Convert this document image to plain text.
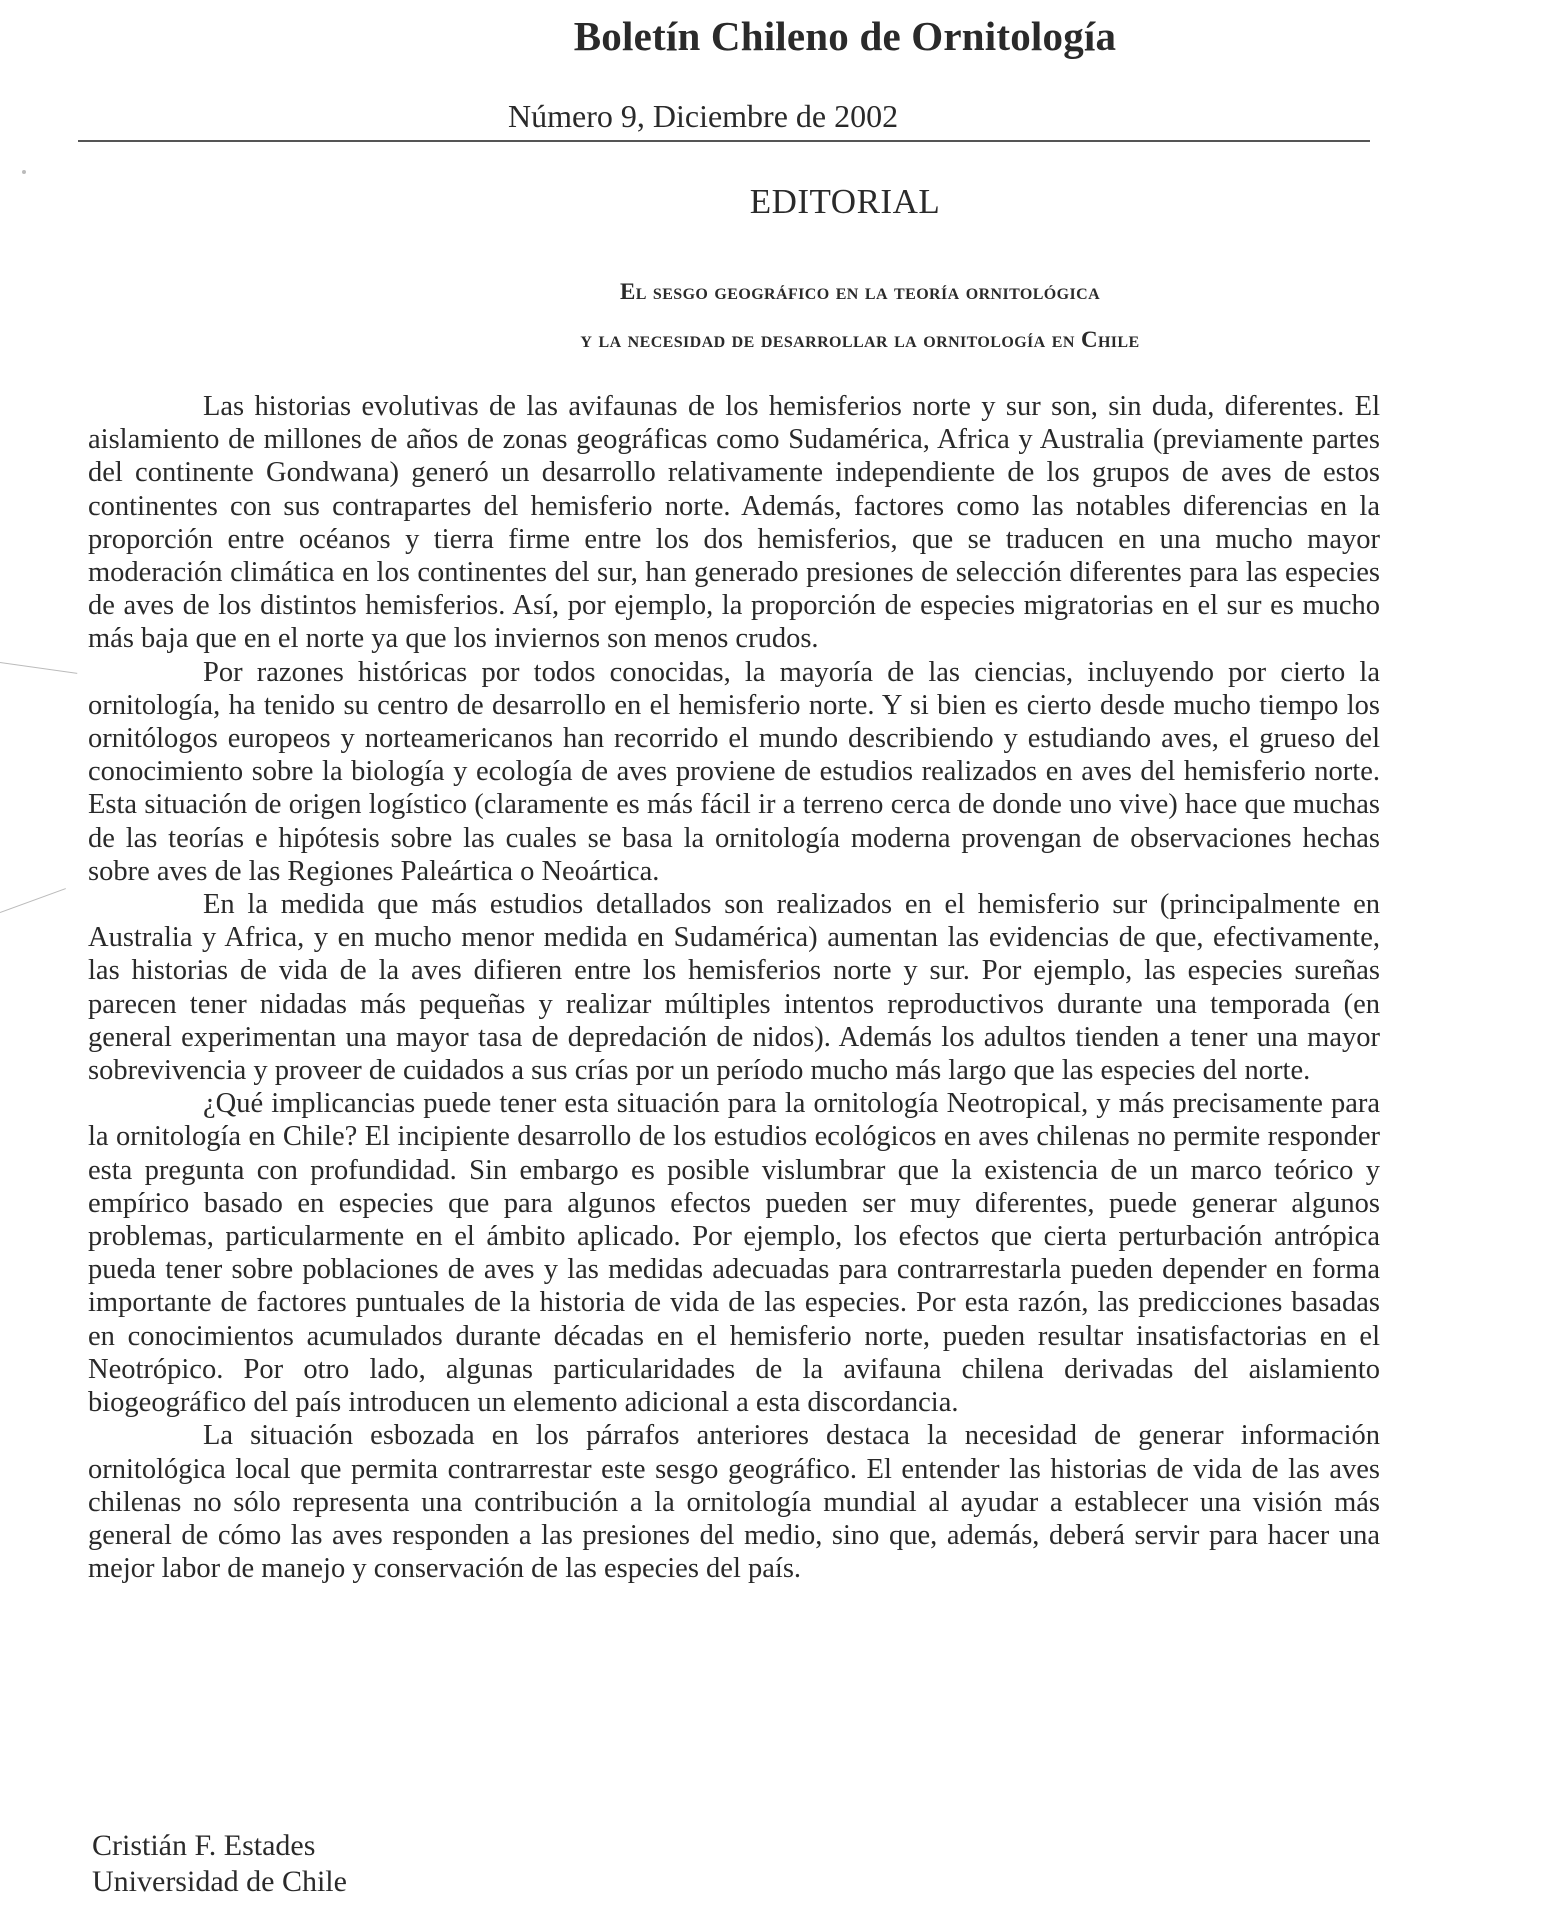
Boletín Chileno de Ornitología
Número 9, Diciembre de 2002
EDITORIAL
El sesgo geográfico en la teoría ornitológica
y la necesidad de desarrollar la ornitología en Chile

Las historias evolutivas de las avifaunas de los hemisferios norte y sur son, sin duda, diferentes. El aislamiento de millones de años de zonas geográficas como Sudamérica, Africa y Australia (previamente partes del continente Gondwana) generó un desarrollo relativamente independiente de los grupos de aves de estos continentes con sus contrapartes del hemisferio norte. Además, factores como las notables diferencias en la proporción entre océanos y tierra firme entre los dos hemisferios, que se traducen en una mucho mayor moderación climática en los continentes del sur, han generado presiones de selección diferentes para las especies de aves de los distintos hemisferios. Así, por ejemplo, la proporción de especies migratorias en el sur es mucho más baja que en el norte ya que los inviernos son menos crudos.

Por razones históricas por todos conocidas, la mayoría de las ciencias, incluyendo por cierto la ornitología, ha tenido su centro de desarrollo en el hemisferio norte. Y si bien es cierto desde mucho tiempo los ornitólogos europeos y norteamericanos han recorrido el mundo describiendo y estudiando aves, el grueso del conocimiento sobre la biología y ecología de aves proviene de estudios realizados en aves del hemisferio norte. Esta situación de origen logístico (claramente es más fácil ir a terreno cerca de donde uno vive) hace que muchas de las teorías e hipótesis sobre las cuales se basa la ornitología moderna provengan de observaciones hechas sobre aves de las Regiones Paleártica o Neoártica.

En la medida que más estudios detallados son realizados en el hemisferio sur (principalmente en Australia y Africa, y en mucho menor medida en Sudamérica) aumentan las evidencias de que, efectivamente, las historias de vida de la aves difieren entre los hemisferios norte y sur. Por ejemplo, las especies sureñas parecen tener nidadas más pequeñas y realizar múltiples intentos reproductivos durante una temporada (en general experimentan una mayor tasa de depredación de nidos). Además los adultos tienden a tener una mayor sobrevivencia y proveer de cuidados a sus crías por un período mucho más largo que las especies del norte.

¿Qué implicancias puede tener esta situación para la ornitología Neotropical, y más precisamente para la ornitología en Chile? El incipiente desarrollo de los estudios ecológicos en aves chilenas no permite responder esta pregunta con profundidad. Sin embargo es posible vislumbrar que la existencia de un marco teórico y empírico basado en especies que para algunos efectos pueden ser muy diferentes, puede generar algunos problemas, particularmente en el ámbito aplicado. Por ejemplo, los efectos que cierta perturbación antrópica pueda tener sobre poblaciones de aves y las medidas adecuadas para contrarrestarla pueden depender en forma importante de factores puntuales de la historia de vida de las especies. Por esta razón, las predicciones basadas en conocimientos acumulados durante décadas en el hemisferio norte, pueden resultar insatisfactorias en el Neotrópico. Por otro lado, algunas particularidades de la avifauna chilena derivadas del aislamiento biogeográfico del país introducen un elemento adicional a esta discordancia.

La situación esbozada en los párrafos anteriores destaca la necesidad de generar información ornitológica local que permita contrarrestar este sesgo geográfico. El entender las historias de vida de las aves chilenas no sólo representa una contribución a la ornitología mundial al ayudar a establecer una visión más general de cómo las aves responden a las presiones del medio, sino que, además, deberá servir para hacer una mejor labor de manejo y conservación de las especies del país.

Cristián F. Estades
Universidad de Chile
